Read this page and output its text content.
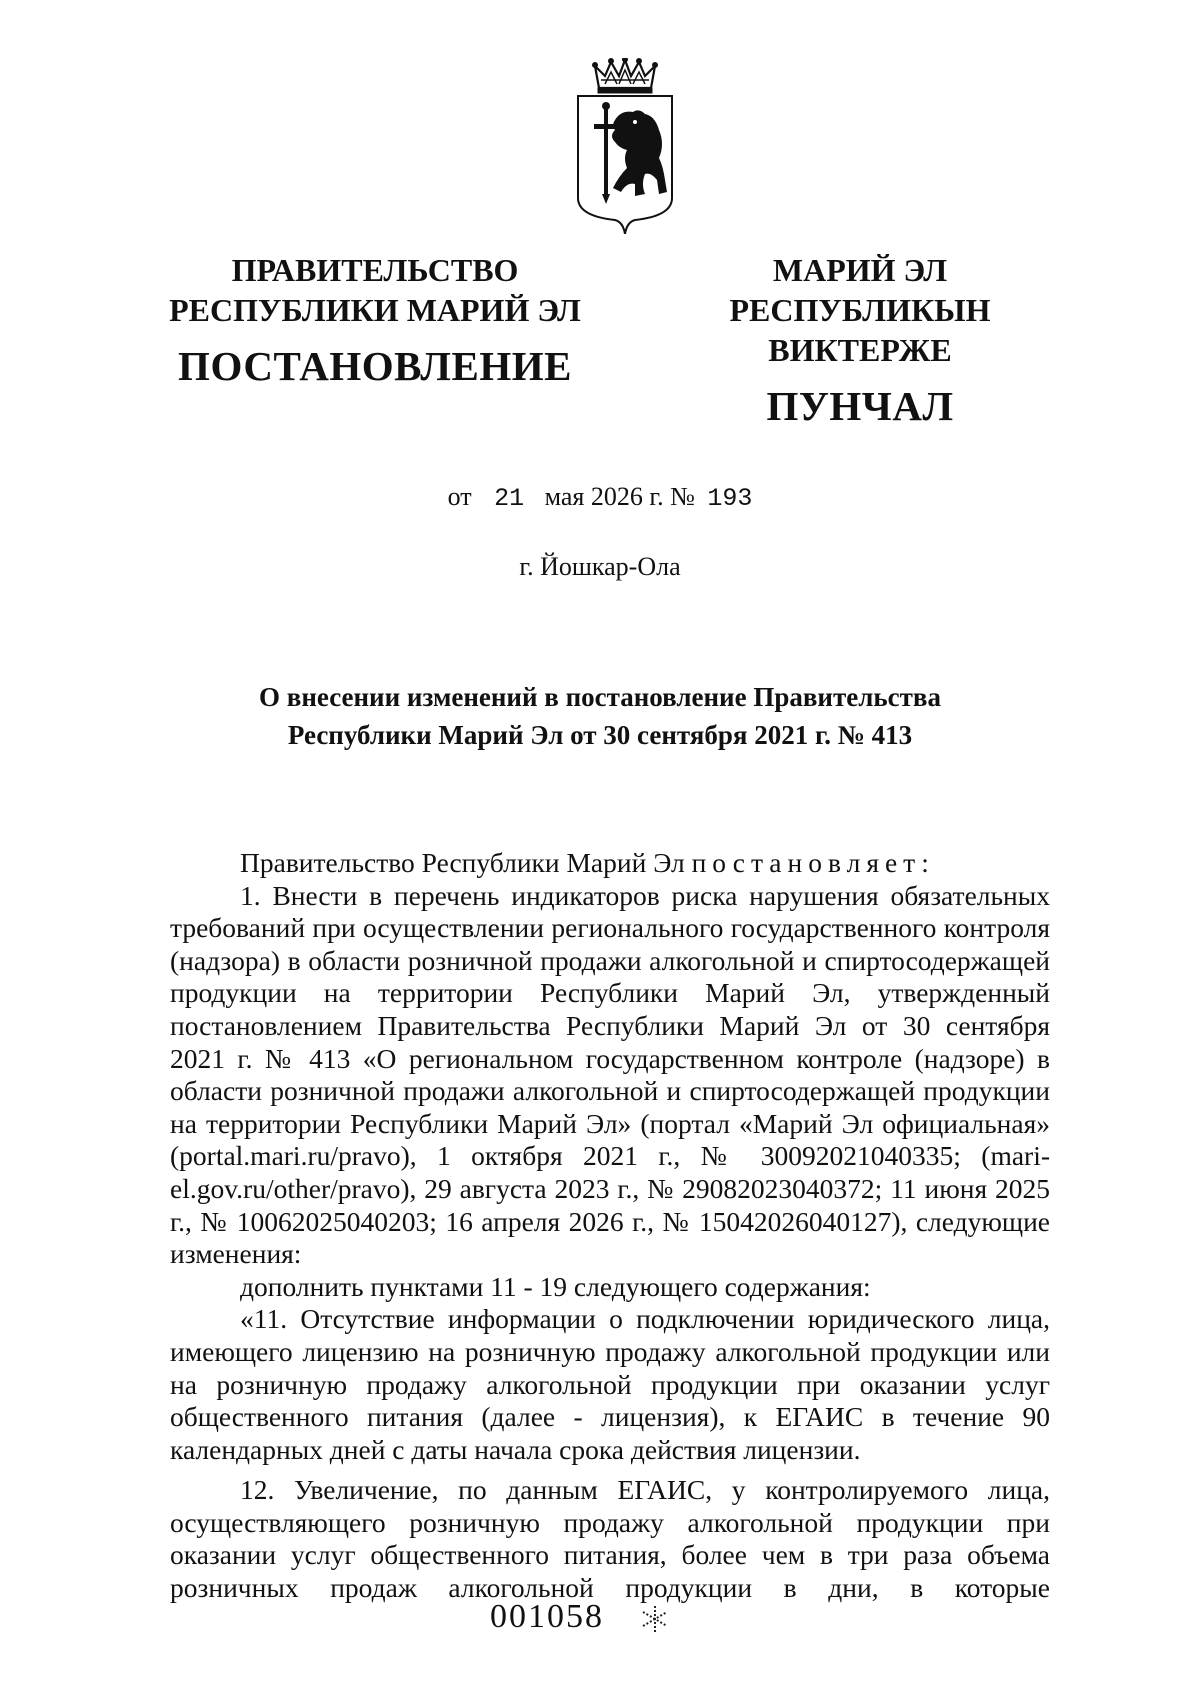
ПРАВИТЕЛЬСТВО
РЕСПУБЛИКИ МАРИЙ ЭЛ
ПОСТАНОВЛЕНИЕ
МАРИЙ ЭЛ РЕСПУБЛИКЫН
ВИКТЕРЖЕ
ПУНЧАЛ
от 21 мая 2026 г. № 193
г. Йошкар-Ола
О внесении изменений в постановление Правительства
Республики Марий Эл от 30 сентября 2021 г. № 413

Правительство Республики Марий Эл постановляет:

1. Внести в перечень индикаторов риска нарушения обязательных требований при осуществлении регионального государственного контроля (надзора) в области розничной продажи алкогольной и спиртосодержащей продукции на территории Республики Марий Эл, утвержденный постановлением Правительства Республики Марий Эл от 30 сентября 2021 г. № 413 «О региональном государственном контроле (надзоре) в области розничной продажи алкогольной и спиртосодержащей продукции на территории Республики Марий Эл» (портал «Марий Эл официальная» (portal.mari.ru/pravo), 1 октября 2021 г., № 30092021040335; (mari-el.gov.ru/other/pravo), 29 августа 2023 г., № 29082023040372; 11 июня 2025 г., № 10062025040203; 16 апреля 2026 г., № 15042026040127), следующие изменения:

дополнить пунктами 11 - 19 следующего содержания:

«11. Отсутствие информации о подключении юридического лица, имеющего лицензию на розничную продажу алкогольной продукции или на розничную продажу алкогольной продукции при оказании услуг общественного питания (далее - лицензия), к ЕГАИС в течение 90 календарных дней с даты начала срока действия лицензии.

12. Увеличение, по данным ЕГАИС, у контролируемого лица, осуществляющего розничную продажу алкогольной продукции при оказании услуг общественного питания, более чем в три раза объема розничных продаж алкогольной продукции в дни, в которые

001058
